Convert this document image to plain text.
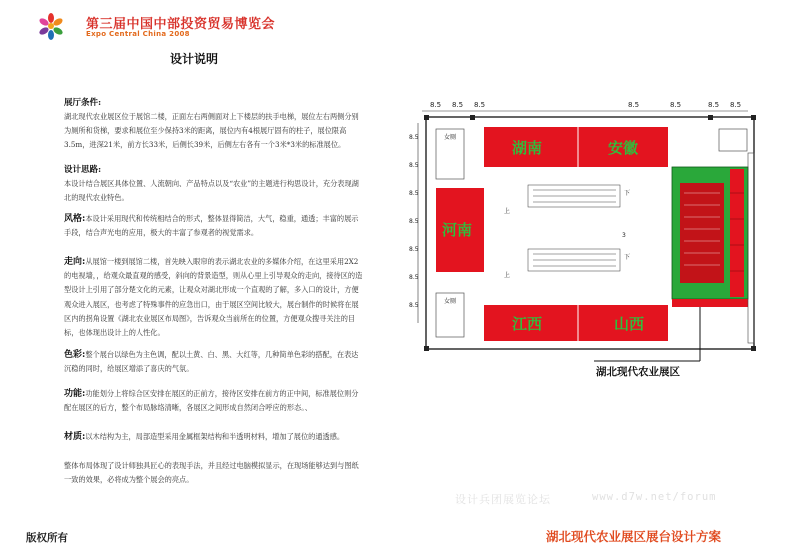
第三届中国中部投资贸易博览会
Expo Central China 2008
设计说明

展厅条件:

湖北现代农业展区位于展馆二楼，正面左右两侧面对上下楼层的扶手电梯，展位左右两侧分别为厕所和货梯，要求和展位至少保持3米的距离，展位内有4根展厅固有的柱子，展位限高3.5m，进深21米，前方长33米，后侧长39米，后侧左右各有一个3米*3米的标准展位。

设计思路:

本设计结合展区具体位置、人流朝向、产品特点以及“农业”的主题进行构思设计，充分表现湖北的现代农业特色。

风格:本设计采用现代和传统相结合的形式，整体显得简洁，大气，稳重，通透；丰富的展示手段，结合声光电的应用，极大的丰富了参观者的视觉需求。

走向:从展馆一楼到展馆二楼，首先映入眼帘的表示湖北农业的多媒体介绍，在这里采用2X2的电视墙，，给观众最直观的感受，斜向的背景造型，则从心里上引导观众的走向，接待区的造型设计上引用了部分楚文化的元素，让观众对湖北形成一个直观的了解，多入口的设计，方便观众进入展区，也考虑了特殊事件的应急出口，由于展区空间比较大，展台制作的时候将在展区内的拐角设置《湖北农业展区布局图》，告诉观众当前所在的位置，方便观众搜寻关注的目标，也体现出设计上的人性化。

色彩:整个展台以绿色为主色调，配以土黄、白、黑、大红等，几种简单色彩的搭配，在表达沉稳的同时，给展区增添了喜庆的气氛。

功能:功能划分上将综合区安排在展区的正前方，接待区安排在前方的正中间，标准展位则分配在展区的后方，整个布局脉络清晰，各展区之间形成自然闭合呼应的形态。、

材质:以木结构为主，局部造型采用金属框架结构和半透明材料，增加了展位的通透感。

整体布局体现了设计师独具匠心的表现手法，并且经过电脑模拟显示，在现场能够达到与图纸一致的效果，必将成为整个展会的亮点。

版权所有
8.5 8.5 8.5	8.5	8.5	8.5 8.5
8.5
8.5
8.5
8.5
8.5
8.5
8.5
女厕
女厕
湖南	安徽
河南
江西	山西
下
上
下
上
3
湖北现代农业展区
设计兵团展览论坛	www.d7w.net/forum
湖北现代农业展区展台设计方案
